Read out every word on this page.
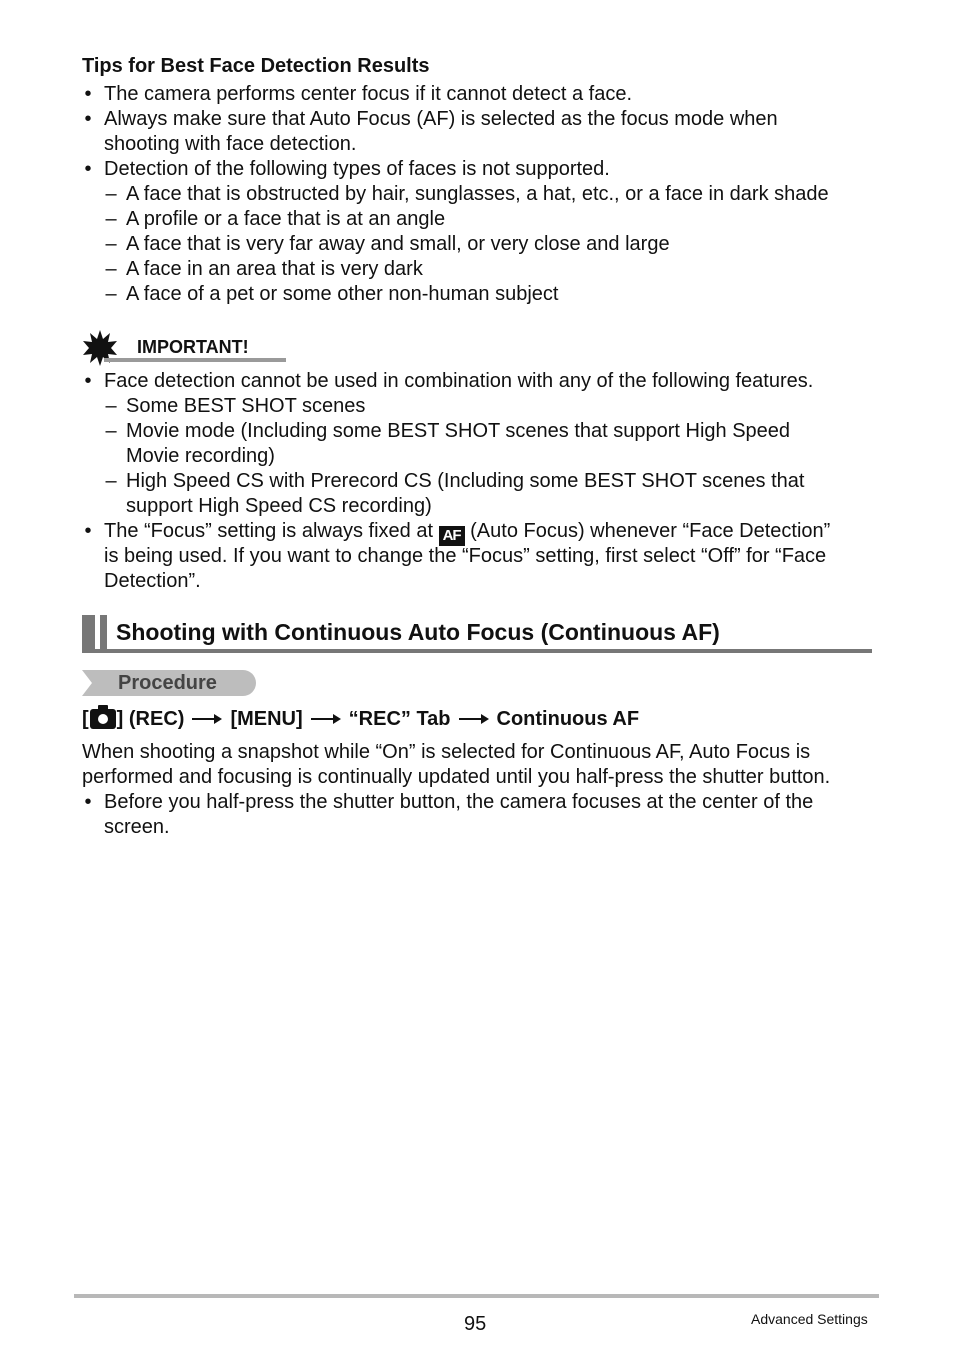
Tips for Best Face Detection Results
• The camera performs center focus if it cannot detect a face.
• Always make sure that Auto Focus (AF) is selected as the focus mode when
shooting with face detection.
• Detection of the following types of faces is not supported.
– A face that is obstructed by hair, sunglasses, a hat, etc., or a face in dark shade
– A profile or a face that is at an angle
– A face that is very far away and small, or very close and large
– A face in an area that is very dark
– A face of a pet or some other non-human subject
IMPORTANT!
• Face detection cannot be used in combination with any of the following features.
– Some BEST SHOT scenes
– Movie mode (Including some BEST SHOT scenes that support High Speed
Movie recording)
– High Speed CS with Prerecord CS (Including some BEST SHOT scenes that
support High Speed CS recording)
• The “Focus” setting is always fixed at AF (Auto Focus) whenever “Face Detection”
is being used. If you want to change the “Focus” setting, first select “Off” for “Face
Detection”.
Shooting with Continuous Auto Focus (Continuous AF)
Procedure
[ ] (REC) [MENU] “REC” Tab Continuous AF
When shooting a snapshot while “On” is selected for Continuous AF, Auto Focus is
performed and focusing is continually updated until you half-press the shutter button.
• Before you half-press the shutter button, the camera focuses at the center of the
screen.
95	Advanced Settings
